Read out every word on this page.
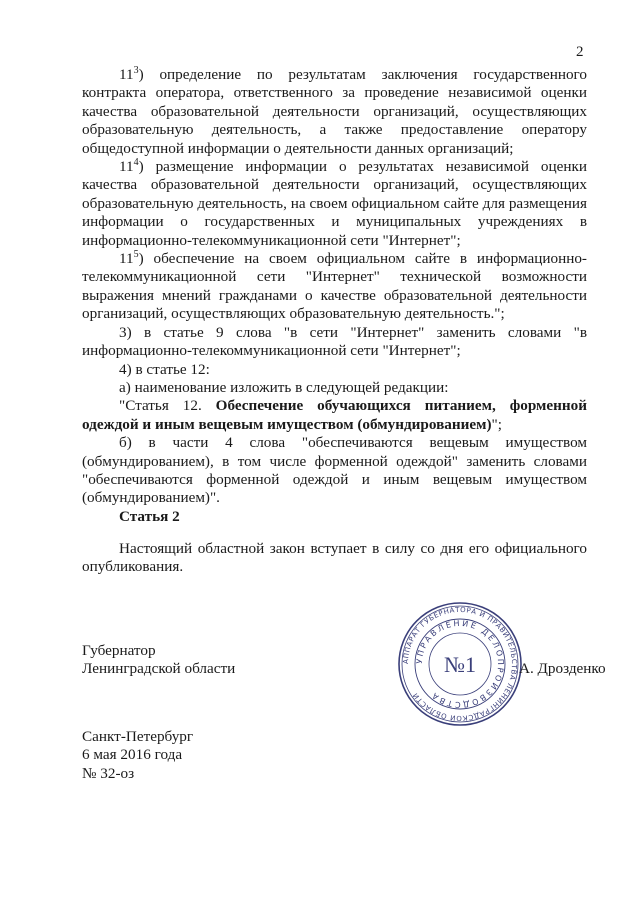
2

$11^3$) определение по результатам заключения государственного контракта оператора, ответственного за проведение независимой оценки качества образовательной деятельности организаций, осуществляющих образовательную деятельность, а также предоставление оператору общедоступной информации о деятельности данных организаций;

$11^4$) размещение информации о результатах независимой оценки качества образовательной деятельности организаций, осуществляющих образовательную деятельность, на своем официальном сайте для размещения информации о государственных и муниципальных учреждениях в информационно-телекоммуникационной сети "Интернет";

$11^5$) обеспечение на своем официальном сайте в информационно-телекоммуникационной сети "Интернет" технической возможности выражения мнений гражданами о качестве образовательной деятельности организаций, осуществляющих образовательную деятельность.";

3) в статье 9 слова "в сети "Интернет" заменить словами "в информационно-телекоммуникационной сети "Интернет";

4) в статье 12:

а) наименование изложить в следующей редакции:

"Статья 12. Обеспечение обучающихся питанием, форменной одеждой и иным вещевым имуществом (обмундированием)";

б) в части 4 слова "обеспечиваются вещевым имуществом (обмундированием), в том числе форменной одеждой" заменить словами "обеспечиваются форменной одеждой и иным вещевым имуществом (обмундированием)".

Статья 2
Настоящий областной закон вступает в силу со дня его официального опубликования.
Губернатор
Ленинградской области	АППАРАТ ГУБЕРНАТОРА И ПРАВИТЕЛЬСТВА ЛЕНИНГРАДСКОЙ ОБЛАСТИ
УПРАВЛЕНИЕ ДЕЛОПРОИЗВОДСТВА
№1	А. Дрозденко
Санкт-Петербург
6 мая 2016 года
№ 32-оз
